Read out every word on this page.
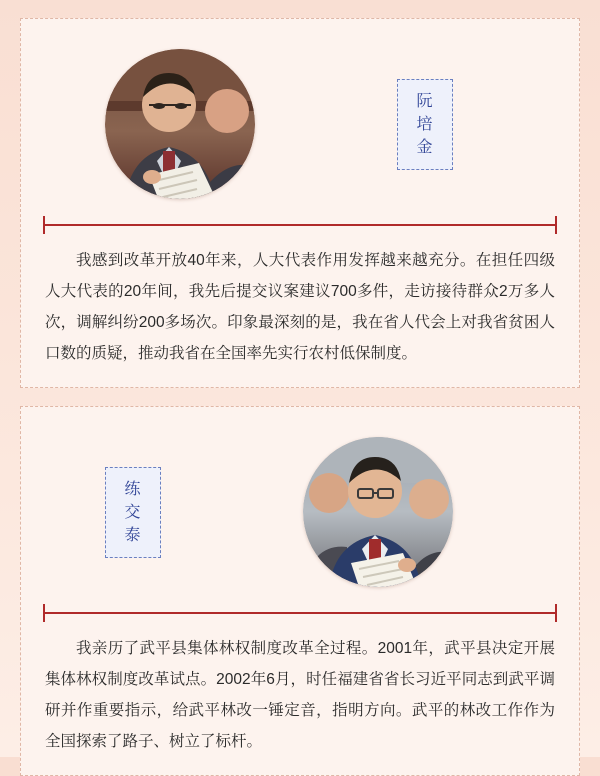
阮 培 金

我感到改革开放40年来，人大代表作用发挥越来越充分。在担任四级人大代表的20年间，我先后提交议案建议700多件，走访接待群众2万多人次，调解纠纷200多场次。印象最深刻的是，我在省人代会上对我省贫困人口数的质疑，推动我省在全国率先实行农村低保制度。

练 交 泰

我亲历了武平县集体林权制度改革全过程。2001年，武平县决定开展集体林权制度改革试点。2002年6月，时任福建省省长习近平同志到武平调研并作重要指示，给武平林改一锤定音，指明方向。武平的林改工作作为全国探索了路子、树立了标杆。
